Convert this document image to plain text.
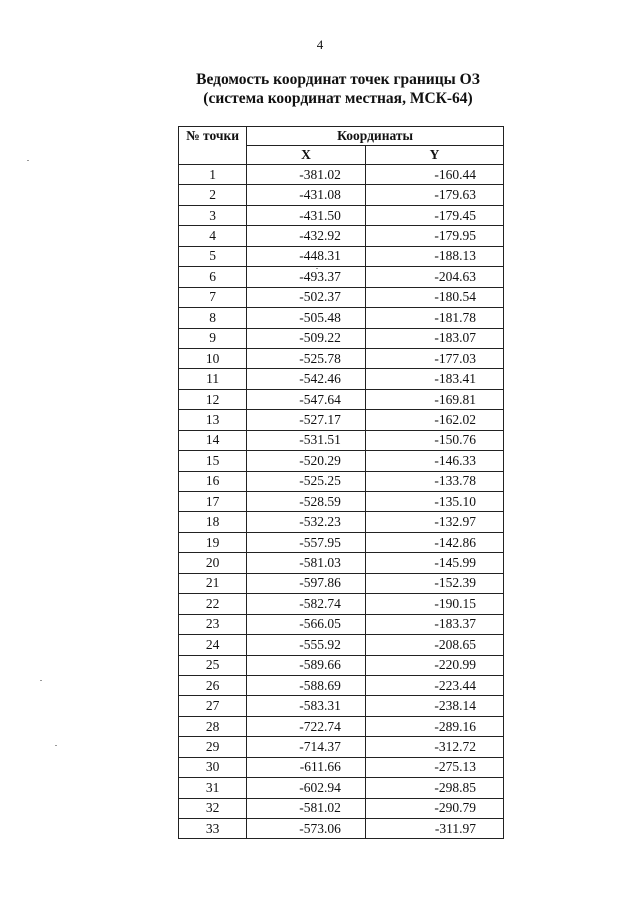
4
Ведомость координат точек границы ОЗ
(система координат местная, МСК-64)
№ точки	Координаты	
	X	Y
1	-381.02	-160.44
2	-431.08	-179.63
3	-431.50	-179.45
4	-432.92	-179.95
5	-448.31	-188.13
6	-493.37	-204.63
7	-502.37	-180.54
8	-505.48	-181.78
9	-509.22	-183.07
10	-525.78	-177.03
11	-542.46	-183.41
12	-547.64	-169.81
13	-527.17	-162.02
14	-531.51	-150.76
15	-520.29	-146.33
16	-525.25	-133.78
17	-528.59	-135.10
18	-532.23	-132.97
19	-557.95	-142.86
20	-581.03	-145.99
21	-597.86	-152.39
22	-582.74	-190.15
23	-566.05	-183.37
24	-555.92	-208.65
25	-589.66	-220.99
26	-588.69	-223.44
27	-583.31	-238.14
28	-722.74	-289.16
29	-714.37	-312.72
30	-611.66	-275.13
31	-602.94	-298.85
32	-581.02	-290.79
33	-573.06	-311.97
